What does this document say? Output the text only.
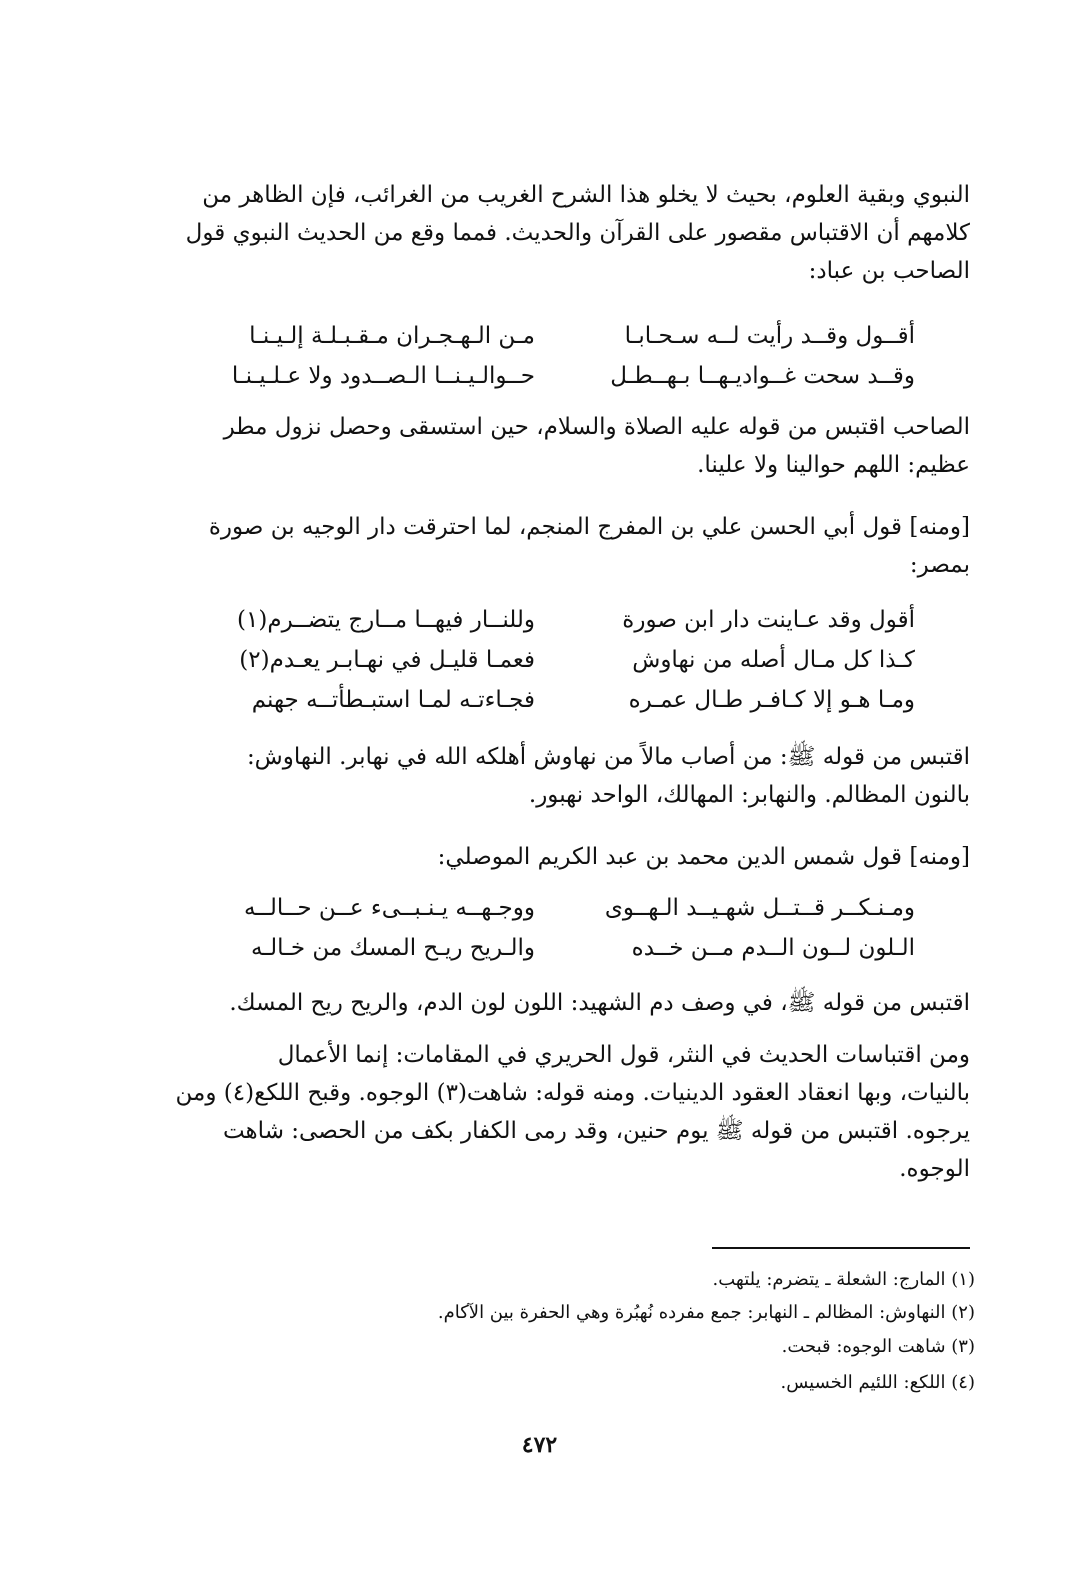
النبوي وبقية العلوم، بحيث لا يخلو هذا الشرح الغريب من الغرائب، فإن الظاهر من

كلامهم أن الاقتباس مقصور على القرآن والحديث. فمما وقع من الحديث النبوي قول

الصاحب بن عباد:

أقــول وقــد رأيت لــه سـحـابـا
مـن الـهـجـران مـقـبـلـة إلـيـنـا
وقــد سحت غــواديـهــا بـهــطـل
حــوالـيـنــا الـصــدود ولا عـلـيـنـا

الصاحب اقتبس من قوله عليه الصلاة والسلام، حين استسقى وحصل نزول مطر

عظيم: اللهم حوالينا ولا علينا.

[ومنه] قول أبي الحسن علي بن المفرج المنجم، لما احترقت دار الوجيه بن صورة

بمصر:

أقول وقد عـاينت دار ابن صورة
وللنــار فيهــا مــارج يتضــرم(١)
كـذا كل مـال أصله من نهاوش
فعمـا قليـل في نهـابـر يعـدم(٢)
ومـا هـو إلا كـافـر طـال عمـره
فجـاءتـه لمـا استبـطأتــه جهنم

اقتبس من قوله ﷺ: من أصاب مالاً من نهاوش أهلكه الله في نهابر. النهاوش:

بالنون المظالم. والنهابر: المهالك، الواحد نهبور.

[ومنه] قول شمس الدين محمد بن عبد الكريم الموصلي:

ومـنـكــر قــتــل شهـيــد الـهــوى
ووجـهــه يـنـبــىء عــن حــالــه
الـلون لــون الــدم مــن خــده
والـريح ريـح المسك من خـالـه

اقتبس من قوله ﷺ، في وصف دم الشهيد: اللون لون الدم، والريح ريح المسك.

ومن اقتباسات الحديث في النثر، قول الحريري في المقامات: إنما الأعمال

بالنيات، وبها انعقاد العقود الدينيات. ومنه قوله: شاهت(٣) الوجوه. وقبح اللكع(٤) ومن

يرجوه. اقتبس من قوله ﷺ يوم حنين، وقد رمى الكفار بكف من الحصى: شاهت

الوجوه.

(١) المارج: الشعلة ـ يتضرم: يلتهب.
(٢) النهاوش: المظالم ـ النهابر: جمع مفرده نُهبُرة وهي الحفرة بين الآكام.
(٣) شاهت الوجوه: قبحت.
(٤) اللكع: اللئيم الخسيس.
٤٧٢
